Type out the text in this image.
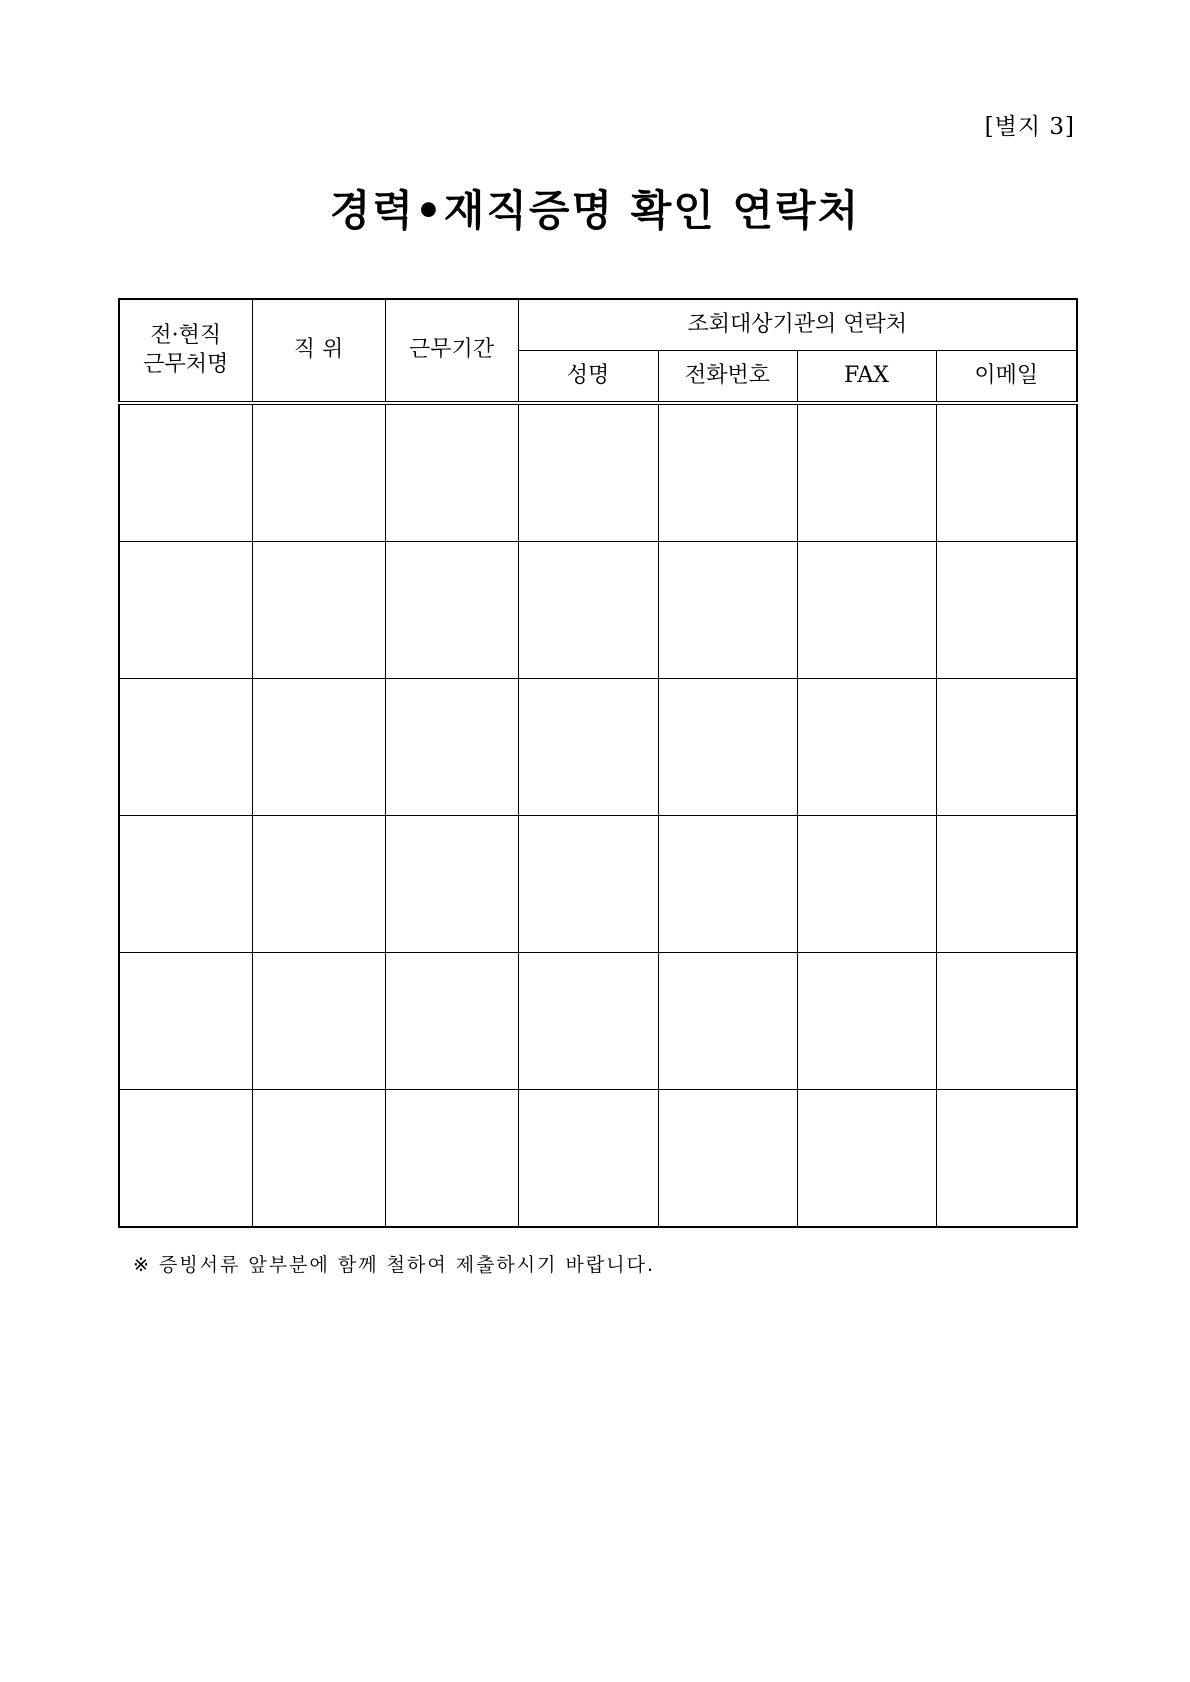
[별지 3]
경력•재직증명 확인 연락처
전·현직
근무처명	직 위	근무기간	조회대상기관의 연락처			
			성명	전화번호	FAX	이메일

※ 증빙서류 앞부분에 함께 철하여 제출하시기 바랍니다.
